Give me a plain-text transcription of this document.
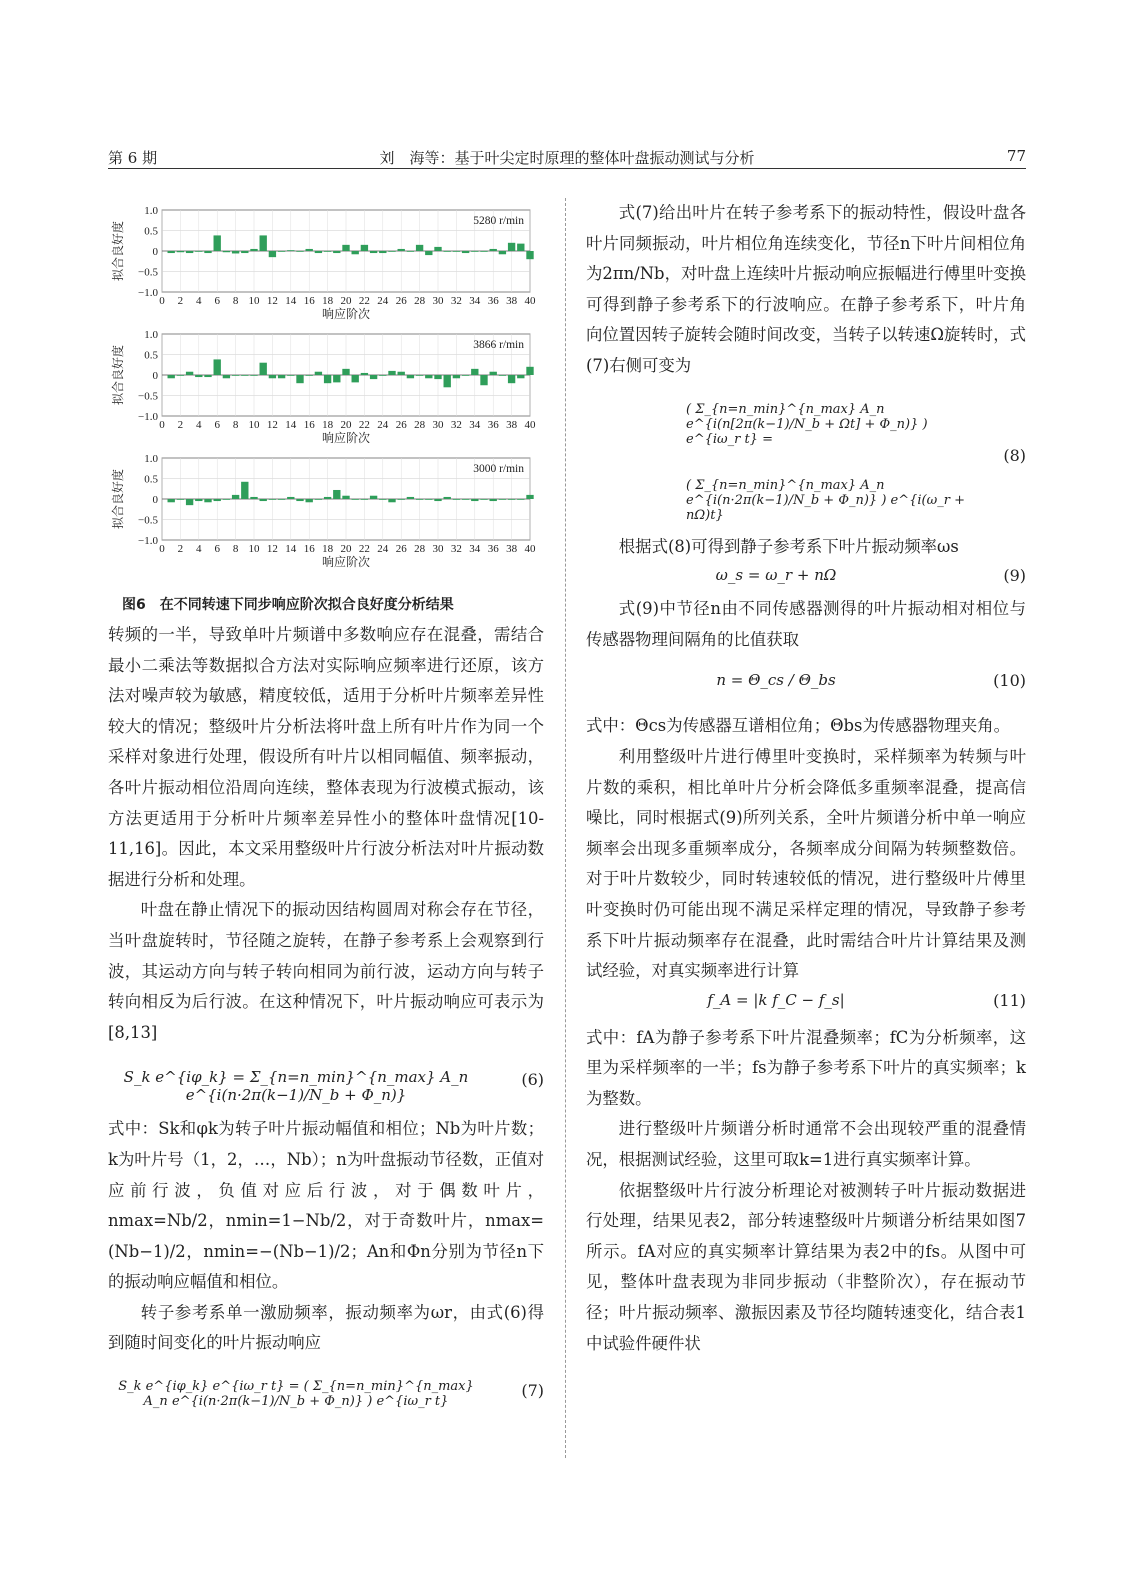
第 6 期	刘　海等：基于叶尖定时原理的整体叶盘振动测试与分析	77
−1.0
−0.5
0
0.5
1.0
0 2 4 6 8 10 12 14 16 18 20 22 24 26 28 30 32 34 36 38 40
5280 r/min
响应阶次
拟合良好度
−1.0
−0.5
0
0.5
1.0
0 2 4 6 8 10 12 14 16 18 20 22 24 26 28 30 32 34 36 38 40
3866 r/min
响应阶次
拟合良好度
−1.0
−0.5
0
0.5
1.0
0 2 4 6 8 10 12 14 16 18 20 22 24 26 28 30 32 34 36 38 40
3000 r/min
响应阶次
拟合良好度
图6　在不同转速下同步响应阶次拟合良好度分析结果

转频的一半，导致单叶片频谱中多数响应存在混叠，需结合最小二乘法等数据拟合方法对实际响应频率进行还原，该方法对噪声较为敏感，精度较低，适用于分析叶片频率差异性较大的情况；整级叶片分析法将叶盘上所有叶片作为同一个采样对象进行处理，假设所有叶片以相同幅值、频率振动，各叶片振动相位沿周向连续，整体表现为行波模式振动，该方法更适用于分析叶片频率差异性小的整体叶盘情况[10-11,16]。因此，本文采用整级叶片行波分析法对叶片振动数据进行分析和处理。

叶盘在静止情况下的振动因结构圆周对称会存在节径，当叶盘旋转时，节径随之旋转，在静子参考系上会观察到行波，其运动方向与转子转向相同为前行波，运动方向与转子转向相反为后行波。在这种情况下，叶片振动响应可表示为[8,13]

S_k e^{iφ_k} = Σ_{n=n_min}^{n_max} A_n e^{i(n·2π(k−1)/N_b + Φ_n)}
(6)

式中：Sk和φk为转子叶片振动幅值和相位；Nb为叶片数；k为叶片号（1，2，…，Nb）；n为叶盘振动节径数，正值对应前行波，负值对应后行波，对于偶数叶片，nmax=Nb/2，nmin=1−Nb/2，对于奇数叶片，nmax=(Nb−1)/2，nmin=−(Nb−1)/2；An和Φn分别为节径n下的振动响应幅值和相位。

转子参考系单一激励频率，振动频率为ωr，由式(6)得到随时间变化的叶片振动响应

S_k e^{iφ_k} e^{iω_r t} = ( Σ_{n=n_min}^{n_max} A_n e^{i(n·2π(k−1)/N_b + Φ_n)} ) e^{iω_r t}
(7)

式(7)给出叶片在转子参考系下的振动特性，假设叶盘各叶片同频振动，叶片相位角连续变化，节径n下叶片间相位角为2πn/Nb，对叶盘上连续叶片振动响应振幅进行傅里叶变换可得到静子参考系下的行波响应。在静子参考系下，叶片角向位置因转子旋转会随时间改变，当转子以转速Ω旋转时，式(7)右侧可变为

( Σ_{n=n_min}^{n_max} A_n e^{i(n[2π(k−1)/N_b + Ωt] + Φ_n)} ) e^{iω_r t} =
( Σ_{n=n_min}^{n_max} A_n e^{i(n·2π(k−1)/N_b + Φ_n)} ) e^{i(ω_r + nΩ)t}
(8)

根据式(8)可得到静子参考系下叶片振动频率ωs

ω_s = ω_r + nΩ	(9)

式(9)中节径n由不同传感器测得的叶片振动相对相位与传感器物理间隔角的比值获取

n = Θ_cs / Θ_bs	(10)

式中：Θcs为传感器互谱相位角；Θbs为传感器物理夹角。

利用整级叶片进行傅里叶变换时，采样频率为转频与叶片数的乘积，相比单叶片分析会降低多重频率混叠，提高信噪比，同时根据式(9)所列关系，全叶片频谱分析中单一响应频率会出现多重频率成分，各频率成分间隔为转频整数倍。对于叶片数较少，同时转速较低的情况，进行整级叶片傅里叶变换时仍可能出现不满足采样定理的情况，导致静子参考系下叶片振动频率存在混叠，此时需结合叶片计算结果及测试经验，对真实频率进行计算

f_A = |k f_C − f_s|	(11)

式中：fA为静子参考系下叶片混叠频率；fC为分析频率，这里为采样频率的一半；fs为静子参考系下叶片的真实频率；k为整数。

进行整级叶片频谱分析时通常不会出现较严重的混叠情况，根据测试经验，这里可取k=1进行真实频率计算。

依据整级叶片行波分析理论对被测转子叶片振动数据进行处理，结果见表2，部分转速整级叶片频谱分析结果如图7所示。fA对应的真实频率计算结果为表2中的fs。从图中可见，整体叶盘表现为非同步振动（非整阶次），存在振动节径；叶片振动频率、激振因素及节径均随转速变化，结合表1中试验件硬件状
